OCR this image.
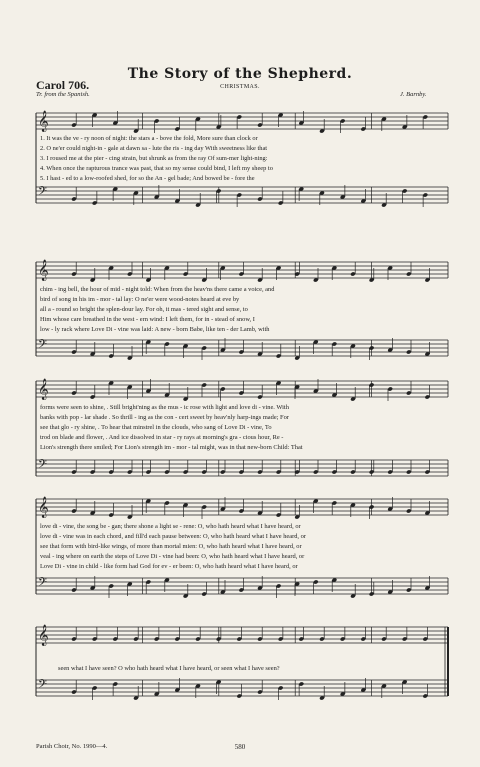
The Story of the Shepherd.
Carol 706.	CHRISTMAS.
Tr. from the Spanish.	J. Barnby.
𝄞
𝄢
𝄞
𝄢
𝄞
𝄢
𝄞
𝄢
𝄞
𝄢
1. It was the ve - ry noon of night: the stars a - bove the fold, More sure than clock or
2. O ne'er could night-in - gale at dawn sa - lute the ris - ing day With sweetness like that
3. I roused me at the pier - cing strain, but shrunk as from the ray Of sum-mer light-ning:
4. When once the rapturous trance was past, that so my sense could bind, I left my sheep to
5. I hast - ed to a low-roofed shed, for so the An - gel bade; And bowed be - fore the
chim - ing bell, the hour of mid - night told: When from the heav'ns there came a voice, and
bird of song in his im - mor - tal lay: O ne'er were wood-notes heard at eve by
all a - round so bright the splen-dour lay. For oh, it mas - tered sight and sense, to
Him whose care breathed in the west - ern wind: I left them, for in - stead of snow, I
low - ly rack where Love Di - vine was laid: A new - born Babe, like ten - der Lamb, with
forms were seen to shine, . Still bright'ning as the mus - ic rose with light and love di - vine. With
banks with pop - lar shade . So thrill - ing as the con - cert sweet by heav'nly harp-ings made; For
see that glo - ry shine, . To hear that minstrel in the clouds, who sang of Love Di - vine, To
trod on blade and flower, . And ice dissolved in star - ry rays at morning's gra - cious hour, Re -
Lion's strength there smiled; For Lion's strength im - mor - tal might, was in that new-born Child: That
love di - vine, the song be - gan; there shone a light se - rene: O, who hath heard what I have heard, or
love di - vine was in each chord, and fill'd each pause between: O, who hath heard what I have heard, or
see that form with bird-like wings, of more than mortal mien: O, who hath heard what I have heard, or
veal - ing where on earth the steps of Love Di - vine had been: O, who hath heard what I have heard, or
Love Di - vine in child - like form had God for ev - er been: O, who hath heard what I have heard, or
seen what I have seen? O who hath heard what I have heard, or seen what I have seen?
Parish Choir, No. 1990—4.	580
